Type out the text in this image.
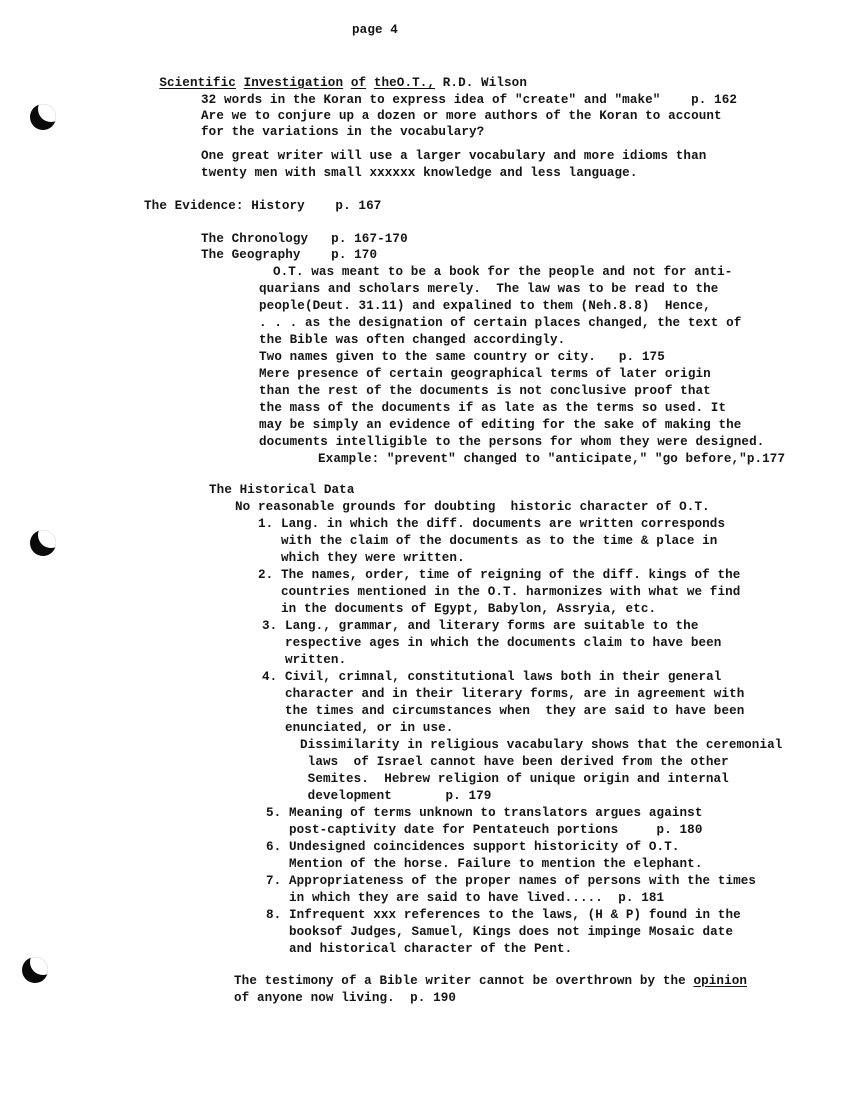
page 4

Scientific Investigation of theO.T., R.D. Wilson

32 words in the Koran to express idea of "create" and "make"    p. 162
Are we to conjure up a dozen or more authors of the Koran to account
for the variations in the vocabulary?
One great writer will use a larger vocabulary and more idioms than
twenty men with small xxxxxx knowledge and less language.
The Evidence: History    p. 167
The Chronology   p. 167-170
The Geography    p. 170
O.T. was meant to be a book for the people and not for anti-
quarians and scholars merely.  The law was to be read to the
people(Deut. 31.11) and expalined to them (Neh.8.8)  Hence,
. . . as the designation of certain places changed, the text of
the Bible was often changed accordingly.
Two names given to the same country or city.   p. 175
Mere presence of certain geographical terms of later origin
than the rest of the documents is not conclusive proof that
the mass of the documents if as late as the terms so used. It
may be simply an evidence of editing for the sake of making the
documents intelligible to the persons for whom they were designed.
Example: "prevent" changed to "anticipate," "go before,"p.177
The Historical Data
No reasonable grounds for doubting  historic character of O.T.
1. Lang. in which the diff. documents are written corresponds
with the claim of the documents as to the time & place in
which they were written.
2. The names, order, time of reigning of the diff. kings of the
countries mentioned in the O.T. harmonizes with what we find
in the documents of Egypt, Babylon, Assryia, etc.
3. Lang., grammar, and literary forms are suitable to the
respective ages in which the documents claim to have been
written.
4. Civil, crimnal, constitutional laws both in their general
character and in their literary forms, are in agreement with
the times and circumstances when  they are said to have been
enunciated, or in use.
Dissimilarity in religious vacabulary shows that the ceremonial
laws  of Israel cannot have been derived from the other
Semites.  Hebrew religion of unique origin and internal
development       p. 179
5. Meaning of terms unknown to translators argues against
post-captivity date for Pentateuch portions     p. 180
6. Undesigned coincidences support historicity of O.T.
Mention of the horse. Failure to mention the elephant.
7. Appropriateness of the proper names of persons with the times
in which they are said to have lived.....  p. 181
8. Infrequent xxx references to the laws, (H & P) found in the
booksof Judges, Samuel, Kings does not impinge Mosaic date
and historical character of the Pent.
The testimony of a Bible writer cannot be overthrown by the opinion
of anyone now living.  p. 190
